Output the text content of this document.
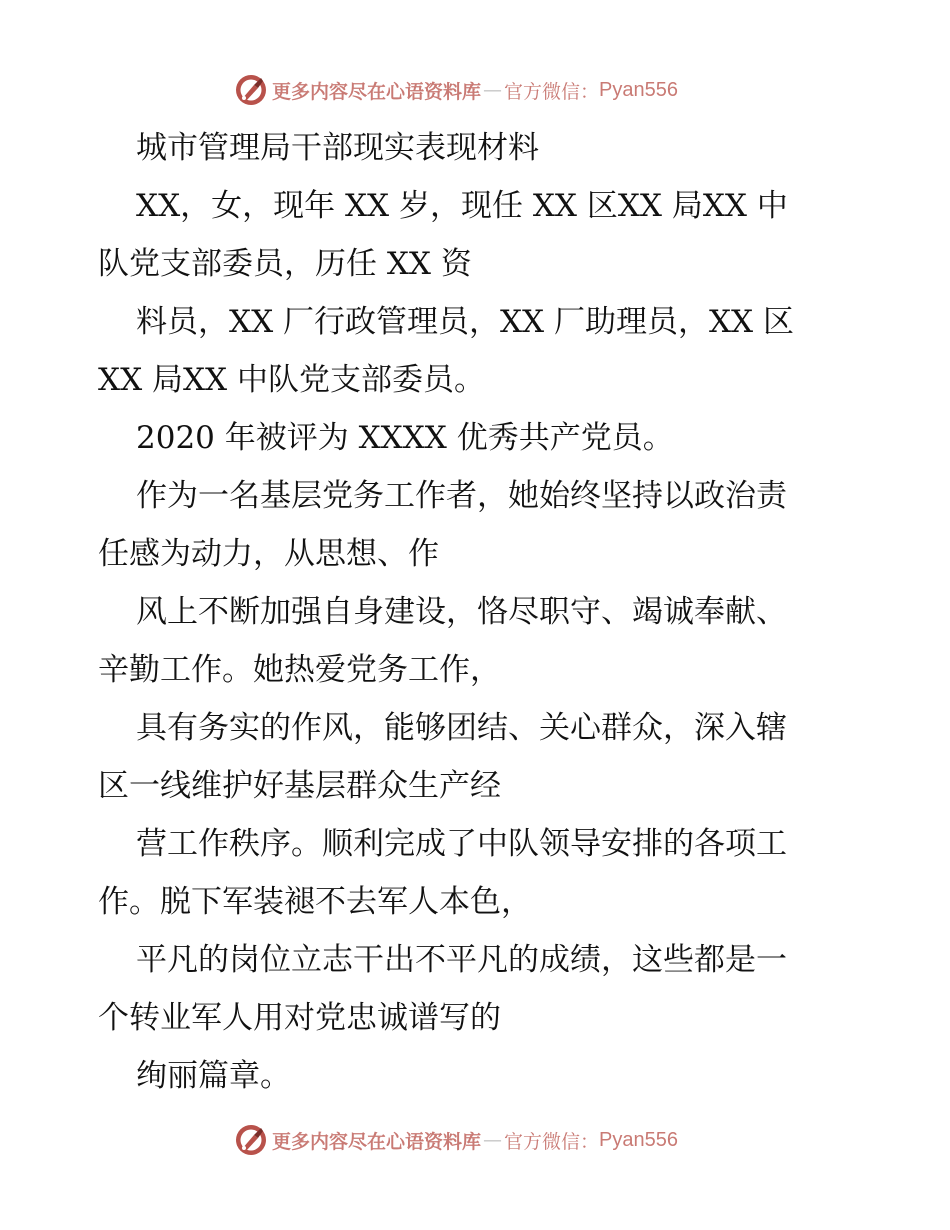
更多内容尽在心语资料库 — 官方微信： Pyan556
城市管理局干部现实表现材料
XX，女，现年 XX 岁，现任 XX 区XX 局XX 中
队党支部委员，历任 XX 资
料员，XX 厂行政管理员，XX 厂助理员，XX 区
XX 局XX 中队党支部委员。
2020 年被评为 XXXX 优秀共产党员。
作为一名基层党务工作者，她始终坚持以政治责
任感为动力，从思想、作
风上不断加强自身建设，恪尽职守、竭诚奉献、
辛勤工作。她热爱党务工作，
具有务实的作风，能够团结、关心群众，深入辖
区一线维护好基层群众生产经
营工作秩序。顺利完成了中队领导安排的各项工
作。脱下军装褪不去军人本色，
平凡的岗位立志干出不平凡的成绩，这些都是一
个转业军人用对党忠诚谱写的
绚丽篇章。
更多内容尽在心语资料库 — 官方微信： Pyan556
